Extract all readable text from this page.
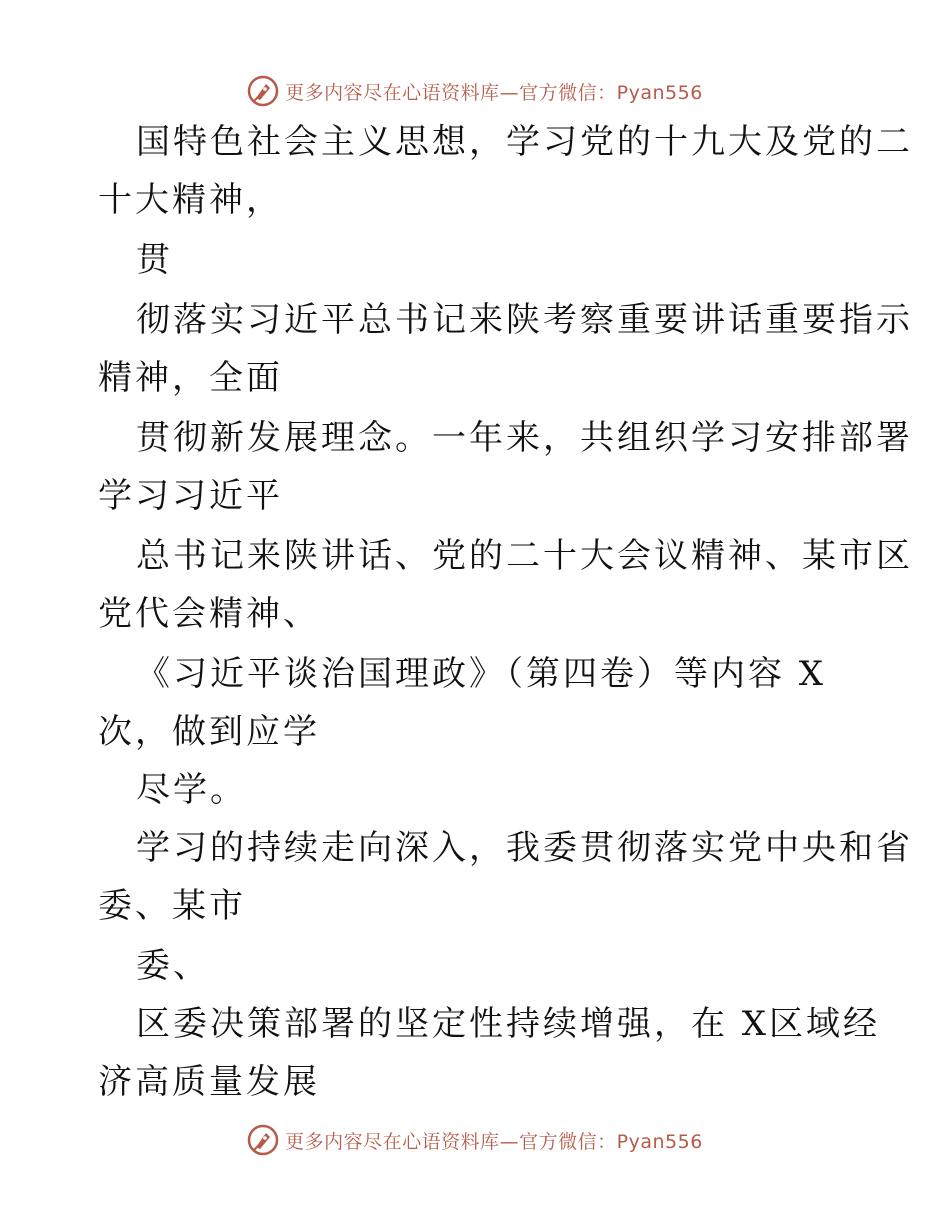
更多内容尽在心语资料库—官方微信：Pyan556
国特色社会主义思想，学习党的十九大及党的二
十大精神，
贯
彻落实习近平总书记来陕考察重要讲话重要指示
精神，全面
贯彻新发展理念。一年来，共组织学习安排部署
学习习近平
总书记来陕讲话、党的二十大会议精神、某市区
党代会精神、
《习近平谈治国理政》（第四卷）等内容 X
次，做到应学
尽学。
学习的持续走向深入，我委贯彻落实党中央和省
委、某市
委、
区委决策部署的坚定性持续增强，在 X区域经
济高质量发展
更多内容尽在心语资料库—官方微信：Pyan556
